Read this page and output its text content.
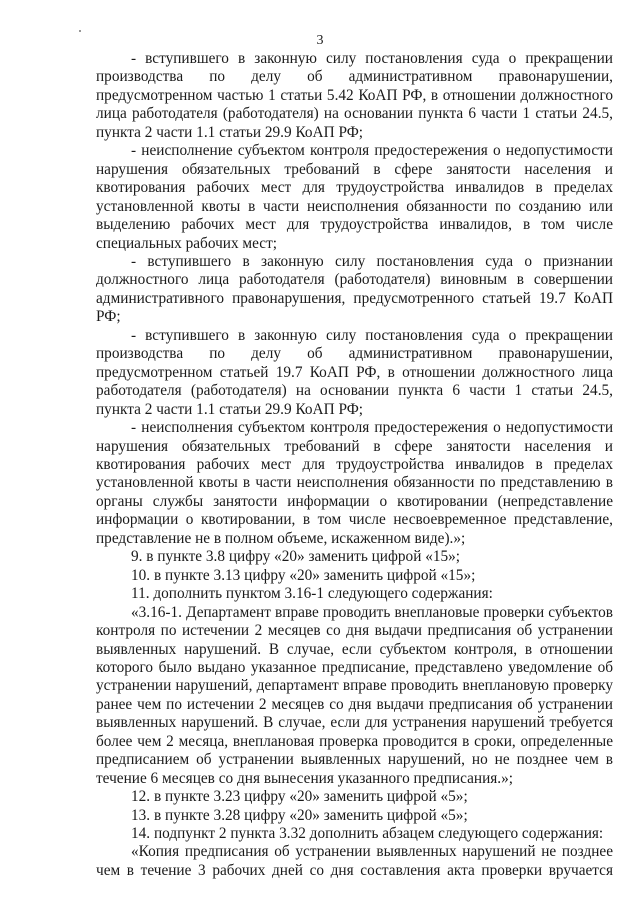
3

- вступившего в законную силу постановления суда о прекращении производства по делу об административном правонарушении, предусмотренном частью 1 статьи 5.42 КоАП РФ, в отношении должностного лица работодателя (работодателя) на основании пункта 6 части 1 статьи 24.5, пункта 2 части 1.1 статьи 29.9 КоАП РФ;

- неисполнение субъектом контроля предостережения о недопустимости нарушения обязательных требований в сфере занятости населения и квотирования рабочих мест для трудоустройства инвалидов в пределах установленной квоты в части неисполнения обязанности по созданию или выделению рабочих мест для трудоустройства инвалидов, в том числе специальных рабочих мест;

- вступившего в законную силу постановления суда о признании должностного лица работодателя (работодателя) виновным в совершении административного правонарушения, предусмотренного статьей 19.7 КоАП РФ;

- вступившего в законную силу постановления суда о прекращении производства по делу об административном правонарушении, предусмотренном статьей 19.7 КоАП РФ, в отношении должностного лица работодателя (работодателя) на основании пункта 6 части 1 статьи 24.5, пункта 2 части 1.1 статьи 29.9 КоАП РФ;

- неисполнения субъектом контроля предостережения о недопустимости нарушения обязательных требований в сфере занятости населения и квотирования рабочих мест для трудоустройства инвалидов в пределах установленной квоты в части неисполнения обязанности по представлению в органы службы занятости информации о квотировании (непредставление информации о квотировании, в том числе несвоевременное представление, представление не в полном объеме, искаженном виде).»;

9. в пункте 3.8 цифру «20» заменить цифрой «15»;

10. в пункте 3.13 цифру «20» заменить цифрой «15»;

11. дополнить пунктом 3.16-1 следующего содержания:

«3.16-1. Департамент вправе проводить внеплановые проверки субъектов контроля по истечении 2 месяцев со дня выдачи предписания об устранении выявленных нарушений. В случае, если субъектом контроля, в отношении которого было выдано указанное предписание, представлено уведомление об устранении нарушений, департамент вправе проводить внеплановую проверку ранее чем по истечении 2 месяцев со дня выдачи предписания об устранении выявленных нарушений. В случае, если для устранения нарушений требуется более чем 2 месяца, внеплановая проверка проводится в сроки, определенные предписанием об устранении выявленных нарушений, но не позднее чем в течение 6 месяцев со дня вынесения указанного предписания.»;

12. в пункте 3.23 цифру «20» заменить цифрой «5»;

13. в пункте 3.28 цифру «20» заменить цифрой «5»;

14. подпункт 2 пункта 3.32 дополнить абзацем следующего содержания:

«Копия предписания об устранении выявленных нарушений не позднее чем в течение 3 рабочих дней со дня составления акта проверки вручается
